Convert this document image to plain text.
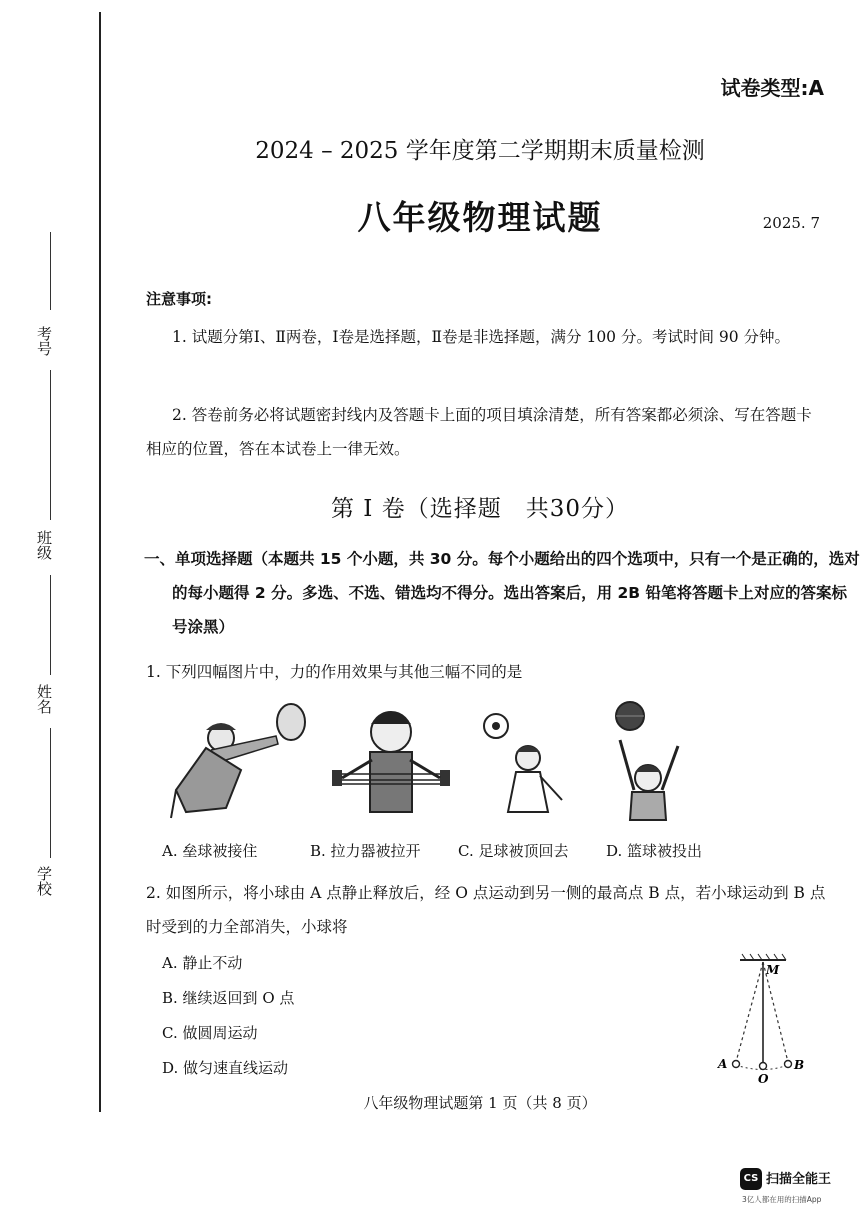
考号
班级
姓名
学校
试卷类型:A
2024 – 2025 学年度第二学期期末质量检测
八年级物理试题	2025. 7
注意事项:
1. 试题分第Ⅰ、Ⅱ两卷，Ⅰ卷是选择题，Ⅱ卷是非选择题，满分 100 分。考试时间 90 分钟。
2. 答卷前务必将试题密封线内及答题卡上面的项目填涂清楚，所有答案都必须涂、写在答题卡相应的位置，答在本试卷上一律无效。
第 Ⅰ 卷（选择题　共30分）
一、单项选择题（本题共 15 个小题，共 30 分。每个小题给出的四个选项中，只有一个是正确的，选对的每小题得 2 分。多选、不选、错选均不得分。选出答案后，用 2B 铅笔将答题卡上对应的答案标号涂黑）
1. 下列四幅图片中，力的作用效果与其他三幅不同的是
A. 垒球被接住	B. 拉力器被拉开 C. 足球被顶回去	D. 篮球被投出
2. 如图所示，将小球由 A 点静止释放后，经 O 点运动到另一侧的最高点 B 点，若小球运动到 B 点时受到的力全部消失，小球将
A. 静止不动
B. 继续返回到 O 点
C. 做圆周运动
D. 做匀速直线运动
M
A
O
B
八年级物理试题第 1 页（共 8 页）
CS 扫描全能王
3亿人都在用的扫描App
